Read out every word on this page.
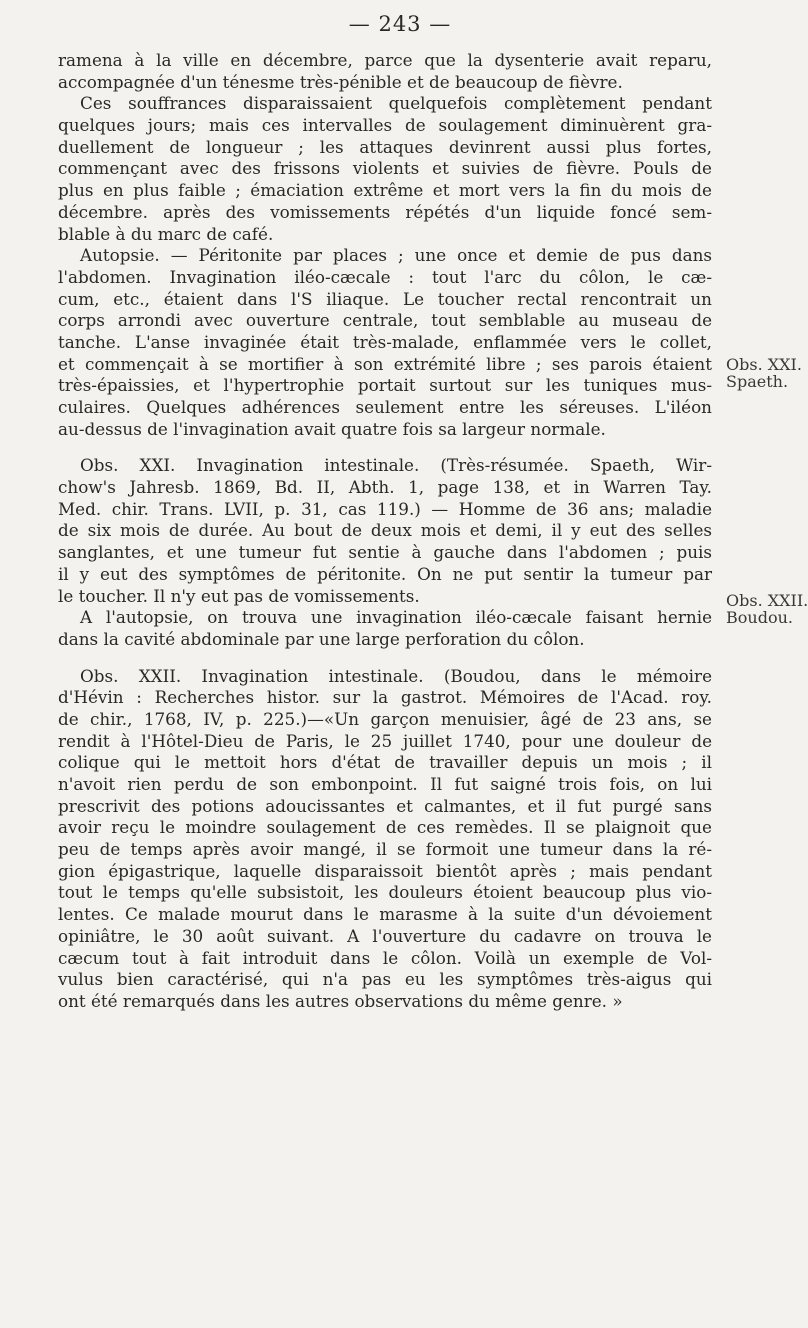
— 243 —
ramena à la ville en décembre, parce que la dysenterie avait reparu,
accompagnée d'un ténesme très-pénible et de beaucoup de fièvre.
Ces souffrances disparaissaient quelquefois complètement pendant
quelques jours; mais ces intervalles de soulagement diminuèrent gra-
duellement de longueur ; les attaques devinrent aussi plus fortes,
commençant avec des frissons violents et suivies de fièvre. Pouls de
plus en plus faible ; émaciation extrême et mort vers la fin du mois de
décembre. après des vomissements répétés d'un liquide foncé sem-
blable à du marc de café.
Autopsie. — Péritonite par places ; une once et demie de pus dans
l'abdomen. Invagination iléo-cæcale : tout l'arc du côlon, le cæ-
cum, etc., étaient dans l'S iliaque. Le toucher rectal rencontrait un
corps arrondi avec ouverture centrale, tout semblable au museau de
tanche. L'anse invaginée était très-malade, enflammée vers le collet,
et commençait à se mortifier à son extrémité libre ; ses parois étaient
très-épaissies, et l'hypertrophie portait surtout sur les tuniques mus-
culaires. Quelques adhérences seulement entre les séreuses. L'iléon
au-dessus de l'invagination avait quatre fois sa largeur normale.
Obs. XXI. Invagination intestinale. (Très-résumée. Spaeth, Wir-
chow's Jahresb. 1869, Bd. II, Abth. 1, page 138, et in Warren Tay.
Med. chir. Trans. LVII, p. 31, cas 119.) — Homme de 36 ans; maladie
de six mois de durée. Au bout de deux mois et demi, il y eut des selles
sanglantes, et une tumeur fut sentie à gauche dans l'abdomen ; puis
il y eut des symptômes de péritonite. On ne put sentir la tumeur par
le toucher. Il n'y eut pas de vomissements.
A l'autopsie, on trouva une invagination iléo-cæcale faisant hernie
dans la cavité abdominale par une large perforation du côlon.
Obs. XXII. Invagination intestinale. (Boudou, dans le mémoire
d'Hévin : Recherches histor. sur la gastrot. Mémoires de l'Acad. roy.
de chir., 1768, IV, p. 225.)—«Un garçon menuisier, âgé de 23 ans, se
rendit à l'Hôtel-Dieu de Paris, le 25 juillet 1740, pour une douleur de
colique qui le mettoit hors d'état de travailler depuis un mois ; il
n'avoit rien perdu de son embonpoint. Il fut saigné trois fois, on lui
prescrivit des potions adoucissantes et calmantes, et il fut purgé sans
avoir reçu le moindre soulagement de ces remèdes. Il se plaignoit que
peu de temps après avoir mangé, il se formoit une tumeur dans la ré-
gion épigastrique, laquelle disparaissoit bientôt après ; mais pendant
tout le temps qu'elle subsistoit, les douleurs étoient beaucoup plus vio-
lentes. Ce malade mourut dans le marasme à la suite d'un dévoiement
opiniâtre, le 30 août suivant. A l'ouverture du cadavre on trouva le
cæcum tout à fait introduit dans le côlon. Voilà un exemple de Vol-
vulus bien caractérisé, qui n'a pas eu les symptômes très-aigus qui
ont été remarqués dans les autres observations du même genre. »
Obs. XXI.
Spaeth.
Obs. XXII.
Boudou.
